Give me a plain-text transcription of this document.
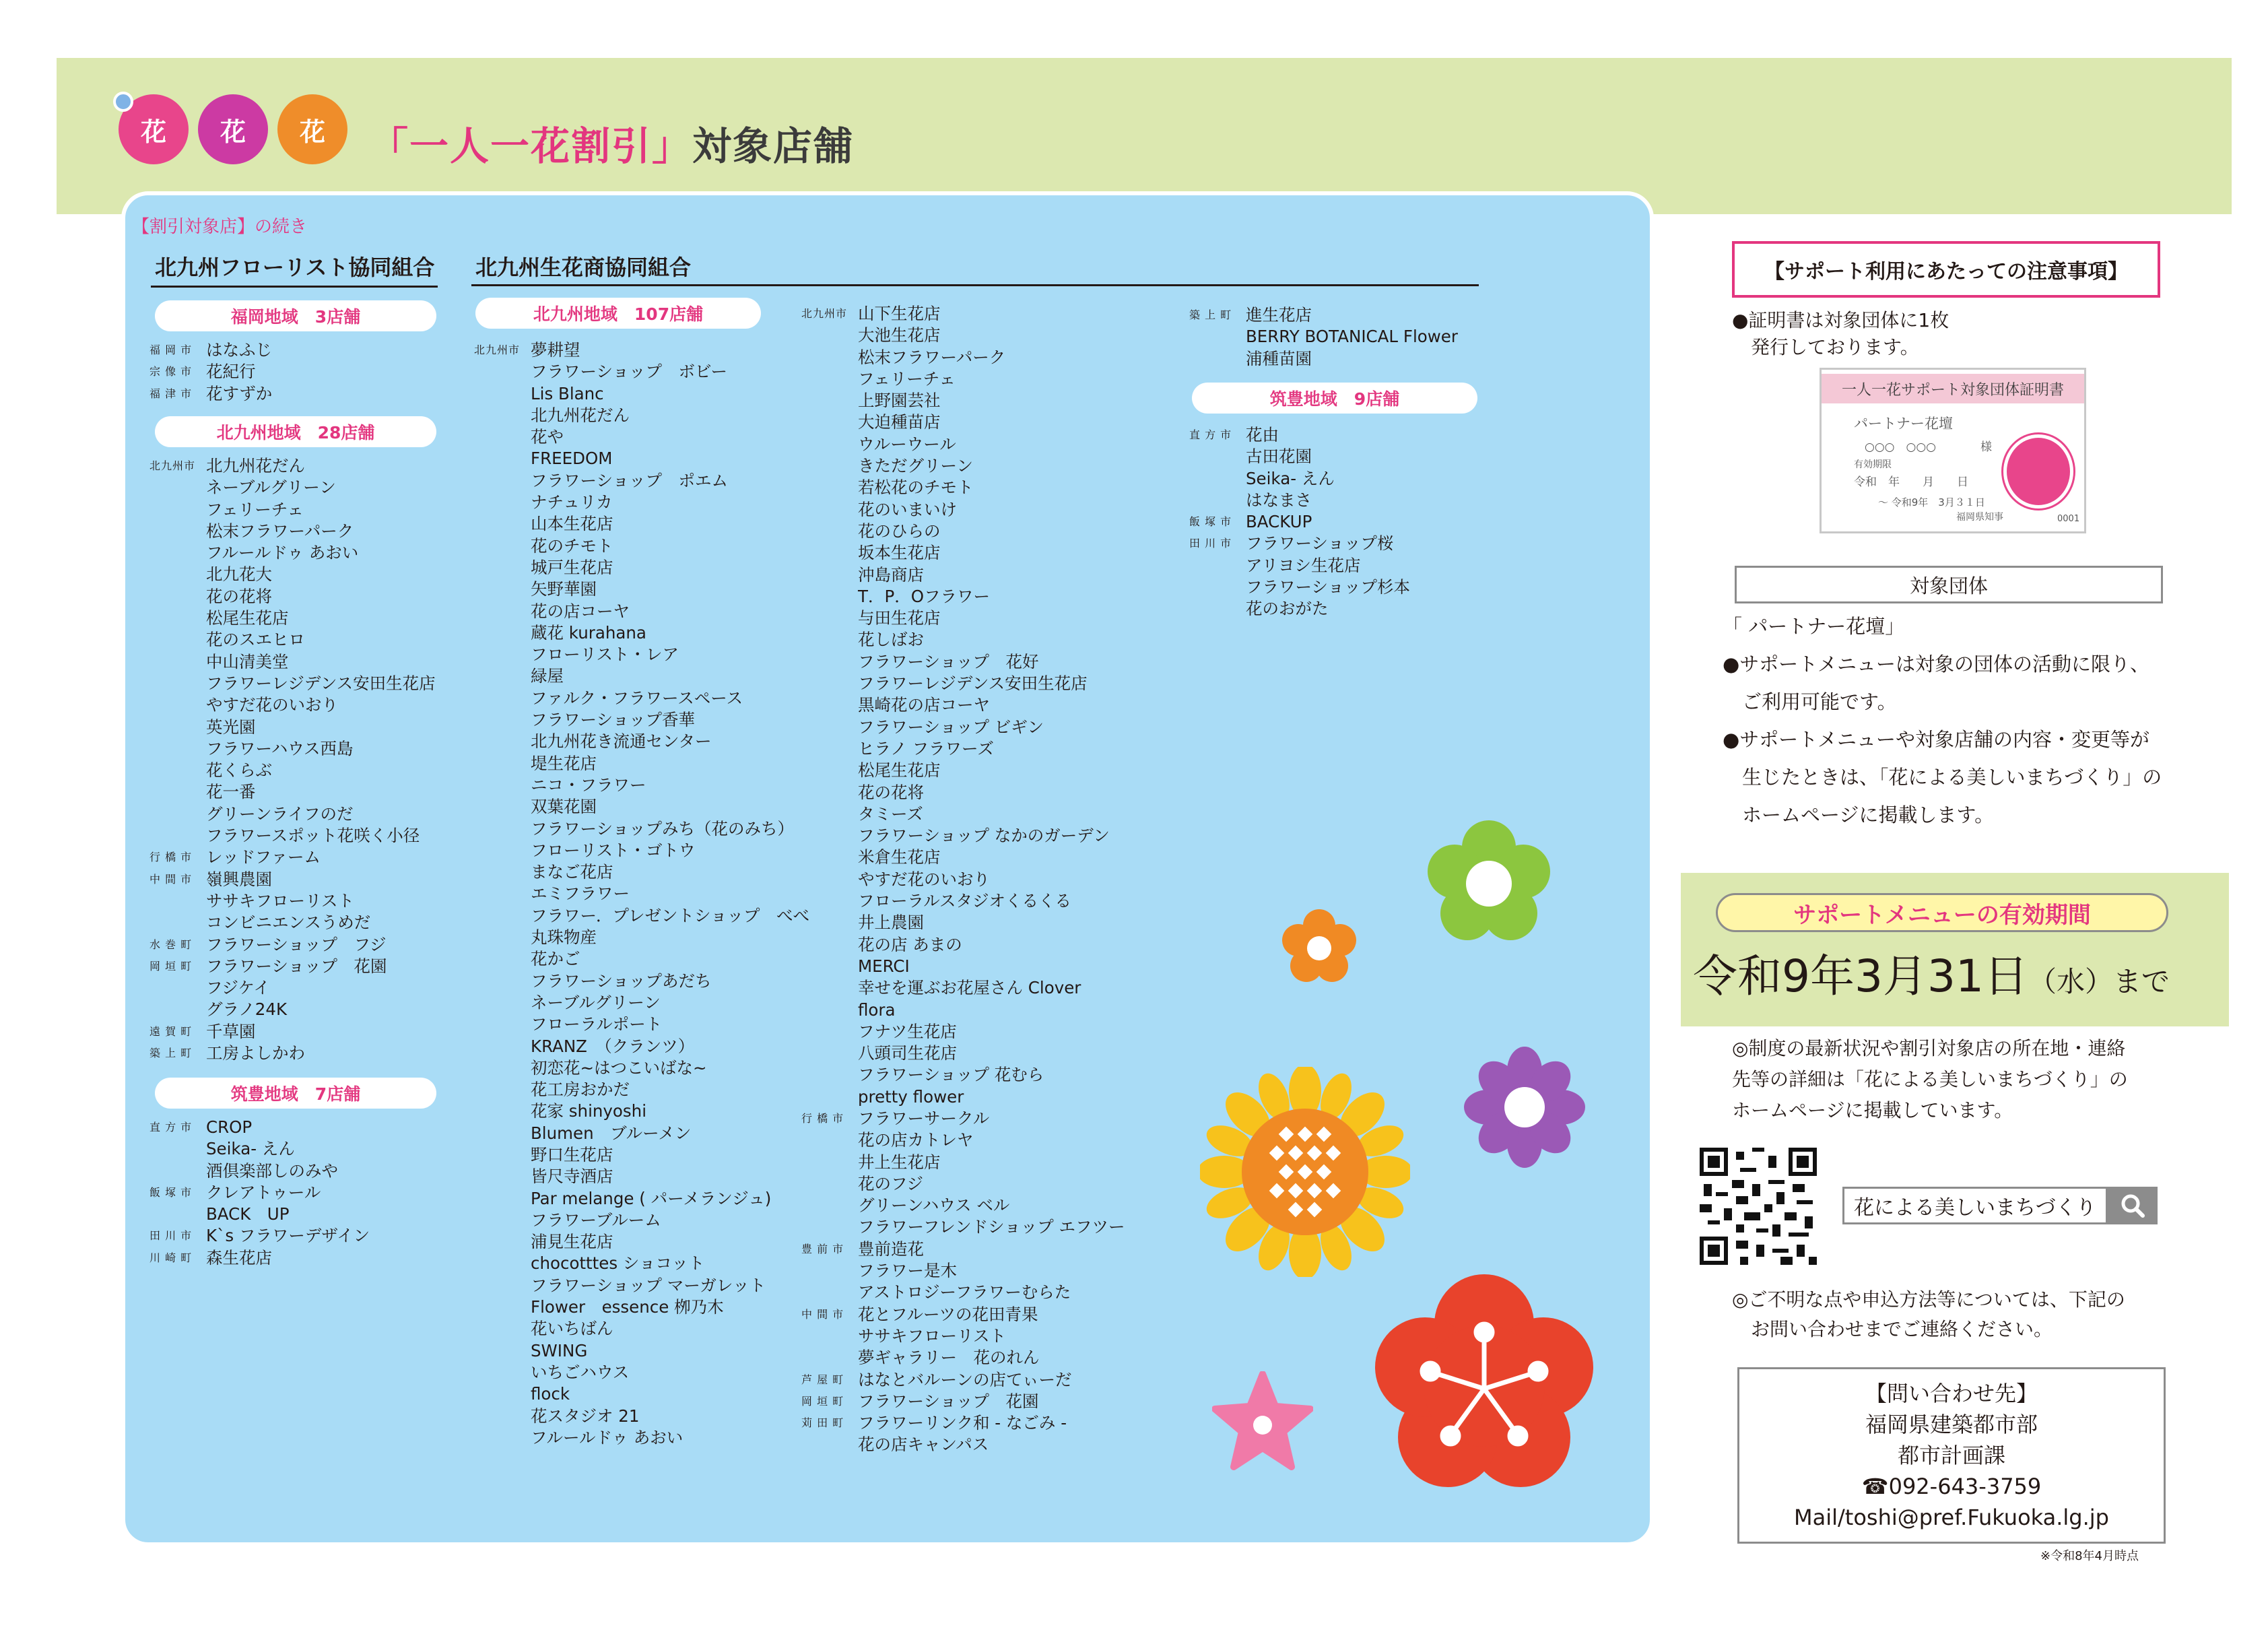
花 花 花 「一人一花割引」対象店舗
【割引対象店】の続き
北九州フローリスト協同組合
福岡地域　3店舗
福 岡 市 はなふじ
宗 像 市 花紀行
福 津 市 花すずか
北九州地域　28店舗
北九州市 北九州花だん
ネーブルグリーン
フェリーチェ
松末フラワーパーク
フルールドゥ あおい
北九花大
花の花将
松尾生花店
花のスエヒロ
中山清美堂
フラワーレジデンス安田生花店
やすだ花のいおり
英光園
フラワーハウス西島
花くらぶ
花一番
グリーンライフのだ
フラワースポット花咲く小径
行 橋 市 レッドファーム
中 間 市 嶺興農園
ササキフローリスト
コンビニエンスうめだ
水 巻 町 フラワーショップ　フジ
岡 垣 町 フラワーショップ　花園
フジケイ
グラノ24K
遠 賀 町 千草園
築 上 町 工房よしかわ
筑豊地域　7店舗
直 方 市 CROP
Seika- えん
酒倶楽部しのみや
飯 塚 市 クレアトゥール
BACK　UP
田 川 市 K`s フラワーデザイン
川 崎 町 森生花店
北九州生花商協同組合
北九州地域　107店舗
北九州市 夢耕望
フラワーショップ　ボビー
Lis Blanc
北九州花だん
花や
FREEDOM
フラワーショップ　ポエム
ナチュリカ
山本生花店
花のチモト
城戸生花店
矢野華園
花の店コーヤ
蔵花 kurahana
フローリスト・レア
緑屋
ファルク・フラワースペース
フラワーショップ香華
北九州花き流通センター
堤生花店
ニコ・フラワー
双葉花園
フラワーショップみち（花のみち）
フローリスト・ゴトウ
まなご花店
エミフラワー
フラワー．プレゼントショップ　べべ
丸珠物産
花かご
フラワーショップあだち
ネーブルグリーン
フローラルポート
KRANZ　（クランツ）
初恋花~はつこいばな~
花工房おかだ
花家 shinyoshi
Blumen　ブルーメン
野口生花店
皆尺寺酒店
Par melange ( パーメランジュ)
フラワーブルーム
浦見生花店
chocotttes ショコット
フラワーショップ マーガレット
Flower　essence 栁乃木
花いちばん
SWING
いちごハウス
flock
花スタジオ 21
フルールドゥ あおい
北九州市 山下生花店
大池生花店
松末フラワーパーク
フェリーチェ
上野園芸社
大迫種苗店
ウルーウール
きただグリーン
若松花のチモト
花のいまいけ
花のひらの
坂本生花店
沖島商店
T．P．Oフラワー
与田生花店
花しばお
フラワーショップ　花好
フラワーレジデンス安田生花店
黒崎花の店コーヤ
フラワーショップ ビギン
ヒラノ フラワーズ
松尾生花店
花の花将
タミーズ
フラワーショップ なかのガーデン
米倉生花店
やすだ花のいおり
フローラルスタジオくるくる
井上農園
花の店 あまの
MERCI
幸せを運ぶお花屋さん Clover
flora
フナツ生花店
八頭司生花店
フラワーショップ 花むら
pretty flower
行 橋 市 フラワーサークル
花の店カトレヤ
井上生花店
花のフジ
グリーンハウス ベル
フラワーフレンドショップ エフツー
豊 前 市 豊前造花
フラワー是木
アストロジーフラワーむらた
中 間 市 花とフルーツの花田青果
ササキフローリスト
夢ギャラリー　花のれん
芦 屋 町 はなとバルーンの店てぃーだ
岡 垣 町 フラワーショップ　花園
苅 田 町 フラワーリンク和 - なごみ -
花の店キャンパス
築 上 町 進生花店
BERRY BOTANICAL Flower
浦種苗園
筑豊地域　9店舗
直 方 市 花由
古田花園
Seika- えん
はなまさ
飯 塚 市 BACKUP
田 川 市 フラワーショップ桜
アリヨシ生花店
フラワーショップ杉本
花のおがた
【サポート利用にあたっての注意事項】
●証明書は対象団体に1枚
　発行しております。
一人一花サポート対象団体証明書
パートナー花壇
○○○　○○○	様
有効期限
令和　年　　月　　日
～ 令和9年　3月３１日
福岡県知事	0001
対象団体
「 パートナー花壇」
●サポートメニューは対象の団体の活動に限り、
　ご利用可能です。
●サポートメニューや対象店舗の内容・変更等が
　生じたときは、「花による美しいまちづくり」の
　ホームページに掲載します。
サポートメニューの有効期間
令和9年3月31日（水）まで
◎制度の最新状況や割引対象店の所在地・連絡
先等の詳細は「花による美しいまちづくり」の
ホームページに掲載しています。
花による美しいまちづくり
◎ご不明な点や申込方法等については、下記の
　お問い合わせまでご連絡ください。
【問い合わせ先】
福岡県建築都市部
都市計画課
☎092-643-3759
Mail/toshi@pref.Fukuoka.lg.jp
※令和8年4月時点
